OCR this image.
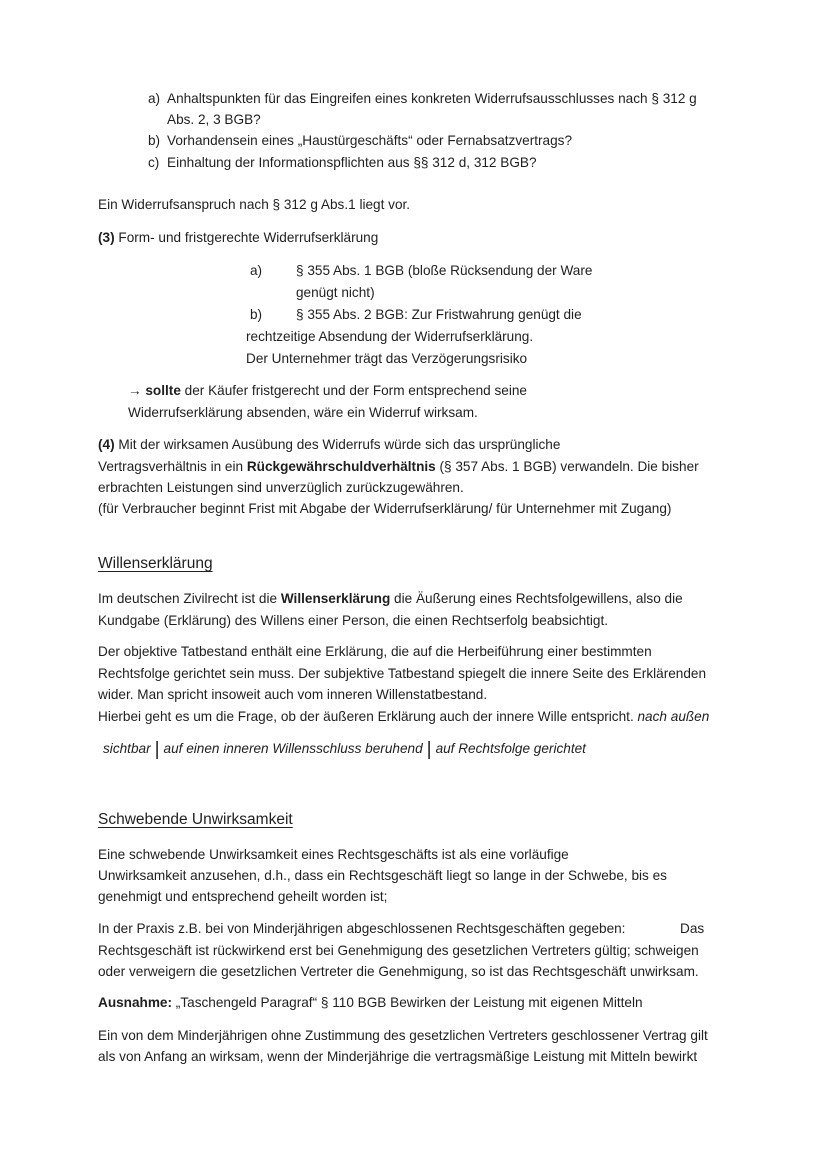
a) Anhaltspunkten für das Eingreifen eines konkreten Widerrufsausschlusses nach § 312 g
Abs. 2, 3 BGB?
b) Vorhandensein eines „Haustürgeschäfts“ oder Fernabsatzvertrags?
c) Einhaltung der Informationspflichten aus §§ 312 d, 312 BGB?
Ein Widerrufsanspruch nach § 312 g Abs.1 liegt vor.
(3) Form- und fristgerechte Widerrufserklärung
a) § 355 Abs. 1 BGB (bloße Rücksendung der Ware
genügt nicht)
b) § 355 Abs. 2 BGB: Zur Fristwahrung genügt die
rechtzeitige Absendung der Widerrufserklärung.
Der Unternehmer trägt das Verzögerungsrisiko
→ sollte der Käufer fristgerecht und der Form entsprechend seine
Widerrufserklärung absenden, wäre ein Widerruf wirksam.
(4) Mit der wirksamen Ausübung des Widerrufs würde sich das ursprüngliche
Vertragsverhältnis in ein Rückgewährschuldverhältnis (§ 357 Abs. 1 BGB) verwandeln. Die bisher
erbrachten Leistungen sind unverzüglich zurückzugewähren.
(für Verbraucher beginnt Frist mit Abgabe der Widerrufserklärung/ für Unternehmer mit Zugang)
Willenserklärung
Im deutschen Zivilrecht ist die Willenserklärung die Äußerung eines Rechtsfolgewillens, also die
Kundgabe (Erklärung) des Willens einer Person, die einen Rechtserfolg beabsichtigt.
Der objektive Tatbestand enthält eine Erklärung, die auf die Herbeiführung einer bestimmten
Rechtsfolge gerichtet sein muss. Der subjektive Tatbestand spiegelt die innere Seite des Erklärenden
wider. Man spricht insoweit auch vom inneren Willenstatbestand.
Hierbei geht es um die Frage, ob der äußeren Erklärung auch der innere Wille entspricht. nach außen
sichtbar | auf einen inneren Willensschluss beruhend | auf Rechtsfolge gerichtet
Schwebende Unwirksamkeit
Eine schwebende Unwirksamkeit eines Rechtsgeschäfts ist als eine vorläufige
Unwirksamkeit anzusehen, d.h., dass ein Rechtsgeschäft liegt so lange in der Schwebe, bis es
genehmigt und entsprechend geheilt worden ist;
In der Praxis z.B. bei von Minderjährigen abgeschlossenen Rechtsgeschäften gegeben:	Das
Rechtsgeschäft ist rückwirkend erst bei Genehmigung des gesetzlichen Vertreters gültig; schweigen
oder verweigern die gesetzlichen Vertreter die Genehmigung, so ist das Rechtsgeschäft unwirksam.
Ausnahme: „Taschengeld Paragraf“ § 110 BGB Bewirken der Leistung mit eigenen Mitteln
Ein von dem Minderjährigen ohne Zustimmung des gesetzlichen Vertreters geschlossener Vertrag gilt
als von Anfang an wirksam, wenn der Minderjährige die vertragsmäßige Leistung mit Mitteln bewirkt
